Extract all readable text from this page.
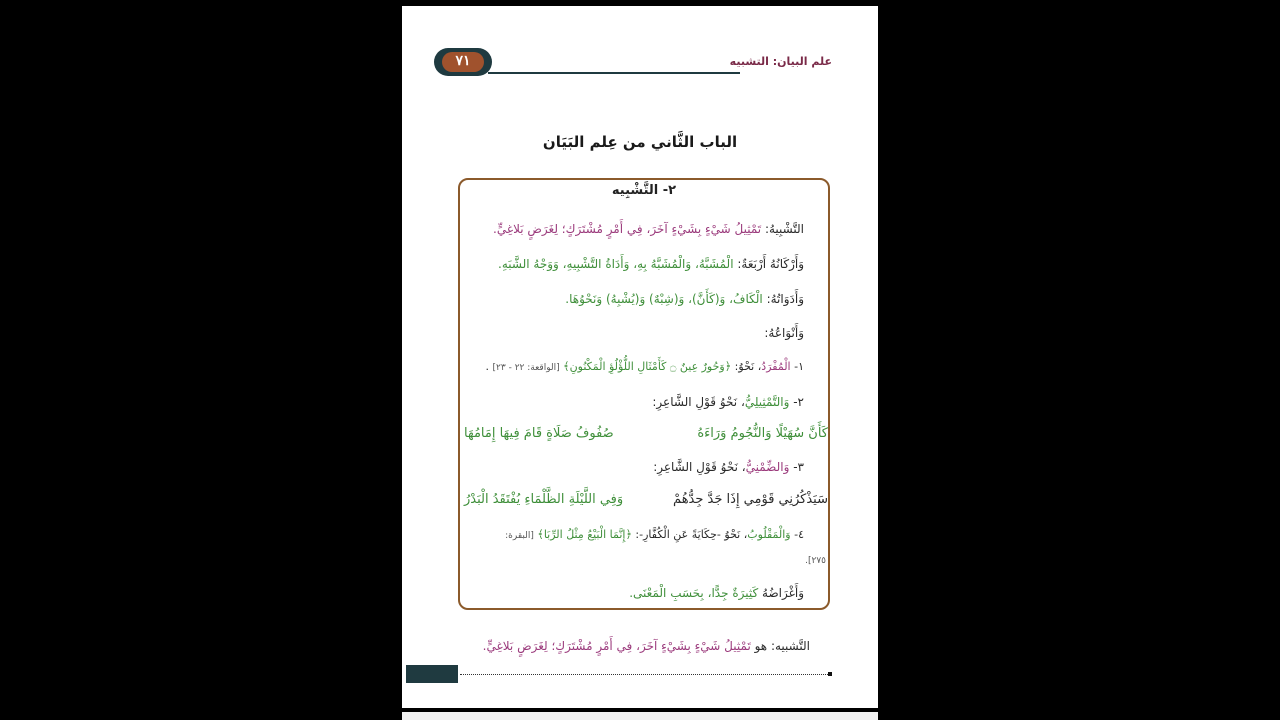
٧١	علم البيان: التشبيه
الباب الثَّاني من عِلم البَيَان
٢- التَّشْبِيه
التَّشْبِيهُ: تَمْثِيلُ شَيْءٍ بِشَيْءٍ آخَرَ، فِي أَمْرٍ مُشْتَرَكٍ؛ لِغَرَضٍ بَلاغِيٍّ.
وَأَرْكَانُهُ أَرْبَعَةٌ: الْمُشَبَّهُ، وَالْمُشَبَّهُ بِهِ، وَأَدَاةُ التَّشْبِيهِ، وَوَجْهُ الشَّبَهِ.
وَأَدَوَاتُهُ: الْكَافُ، وَ(كَأَنَّ)، وَ(شِبْهٌ) وَ(يُشْبِهُ) وَنَحْوُهَا.
وَأَنْوَاعُهُ:
١- الْمُفْرَدُ، نَحْوُ: ﴿وَحُورٌ عِينٌ ۝ كَأَمْثَالِ اللُّؤْلُؤِ الْمَكْنُونِ﴾ [الواقعة: ٢٢ - ٢٣] .
٢- وَالتَّمْثِيلِيُّ، نَحْوُ قَوْلِ الشَّاعِرِ:
كَأَنَّ سُهَيْلًا وَالنُّجُومُ وَرَاءَهُ
صُفُوفُ صَلَاةٍ قَامَ فِيهَا إِمَامُهَا
٣- وَالضِّمْنِيُّ، نَحْوُ قَوْلِ الشَّاعِرِ:
سَيَذْكُرُنِي قَوْمِي إِذَا جَدَّ جِدُّهُمْ
وَفِي اللَّيْلَةِ الظَّلْمَاءِ يُفْتَقَدُ الْبَدْرُ
٤- وَالْمَقْلُوبُ، نَحْوُ -حِكَايَةً عَنِ الْكُفَّارِ-: ﴿إِنَّمَا الْبَيْعُ مِثْلُ الرِّبَا﴾ [البقرة:
٢٧٥].
وَأَغْرَاضُهُ كَثِيرَةٌ جِدًّا، بِحَسَبِ الْمَعْنَى.
التَّشبيه: هو تَمْثِيلُ شَيْءٍ بِشَيْءٍ آخَرَ، فِي أَمْرٍ مُشْتَرَكٍ؛ لِغَرَضٍ بَلاغِيٍّ.
